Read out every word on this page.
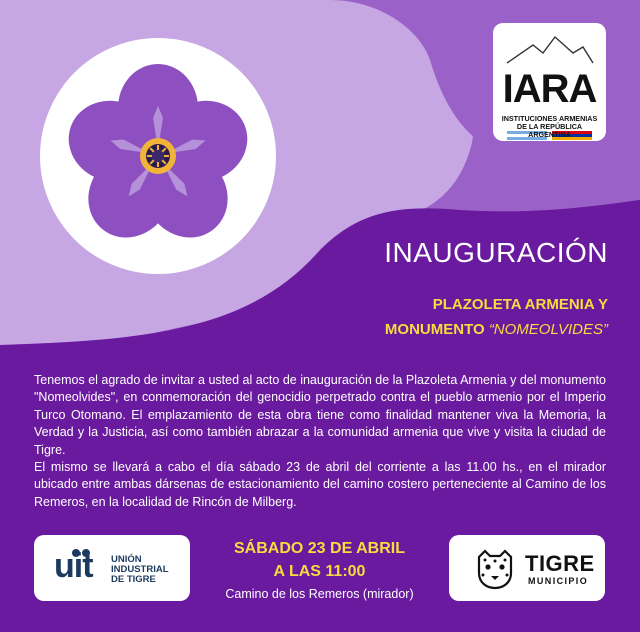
IARA
INSTITUCIONES ARMENIAS
DE LA REPÚBLICA ARGENTINA
INAUGURACIÓN
PLAZOLETA ARMENIA Y
MONUMENTO “NOMEOLVIDES”

Tenemos el agrado de invitar a usted al acto de inauguración de la Plazoleta Armenia y del monumento "Nomeolvides", en conmemoración del genocidio perpetrado contra el pueblo armenio por el Imperio Turco Otomano. El emplazamiento de esta obra tiene como finalidad mantener viva la Memoria, la Verdad y la Justicia, así como también abrazar a la comunidad armenia que vive y visita la ciudad de Tigre.

El mismo se llevará a cabo el día sábado 23 de abril del corriente a las 11.00 hs., en el mirador ubicado entre ambas dársenas de estacionamiento del camino costero perteneciente al Camino de los Remeros, en la localidad de Rincón de Milberg.

uit UNIÓN
INDUSTRIAL
DE TIGRE
SÁBADO 23 DE ABRIL
A LAS 11:00
Camino de los Remeros (mirador)
TIGRE
MUNICIPIO
